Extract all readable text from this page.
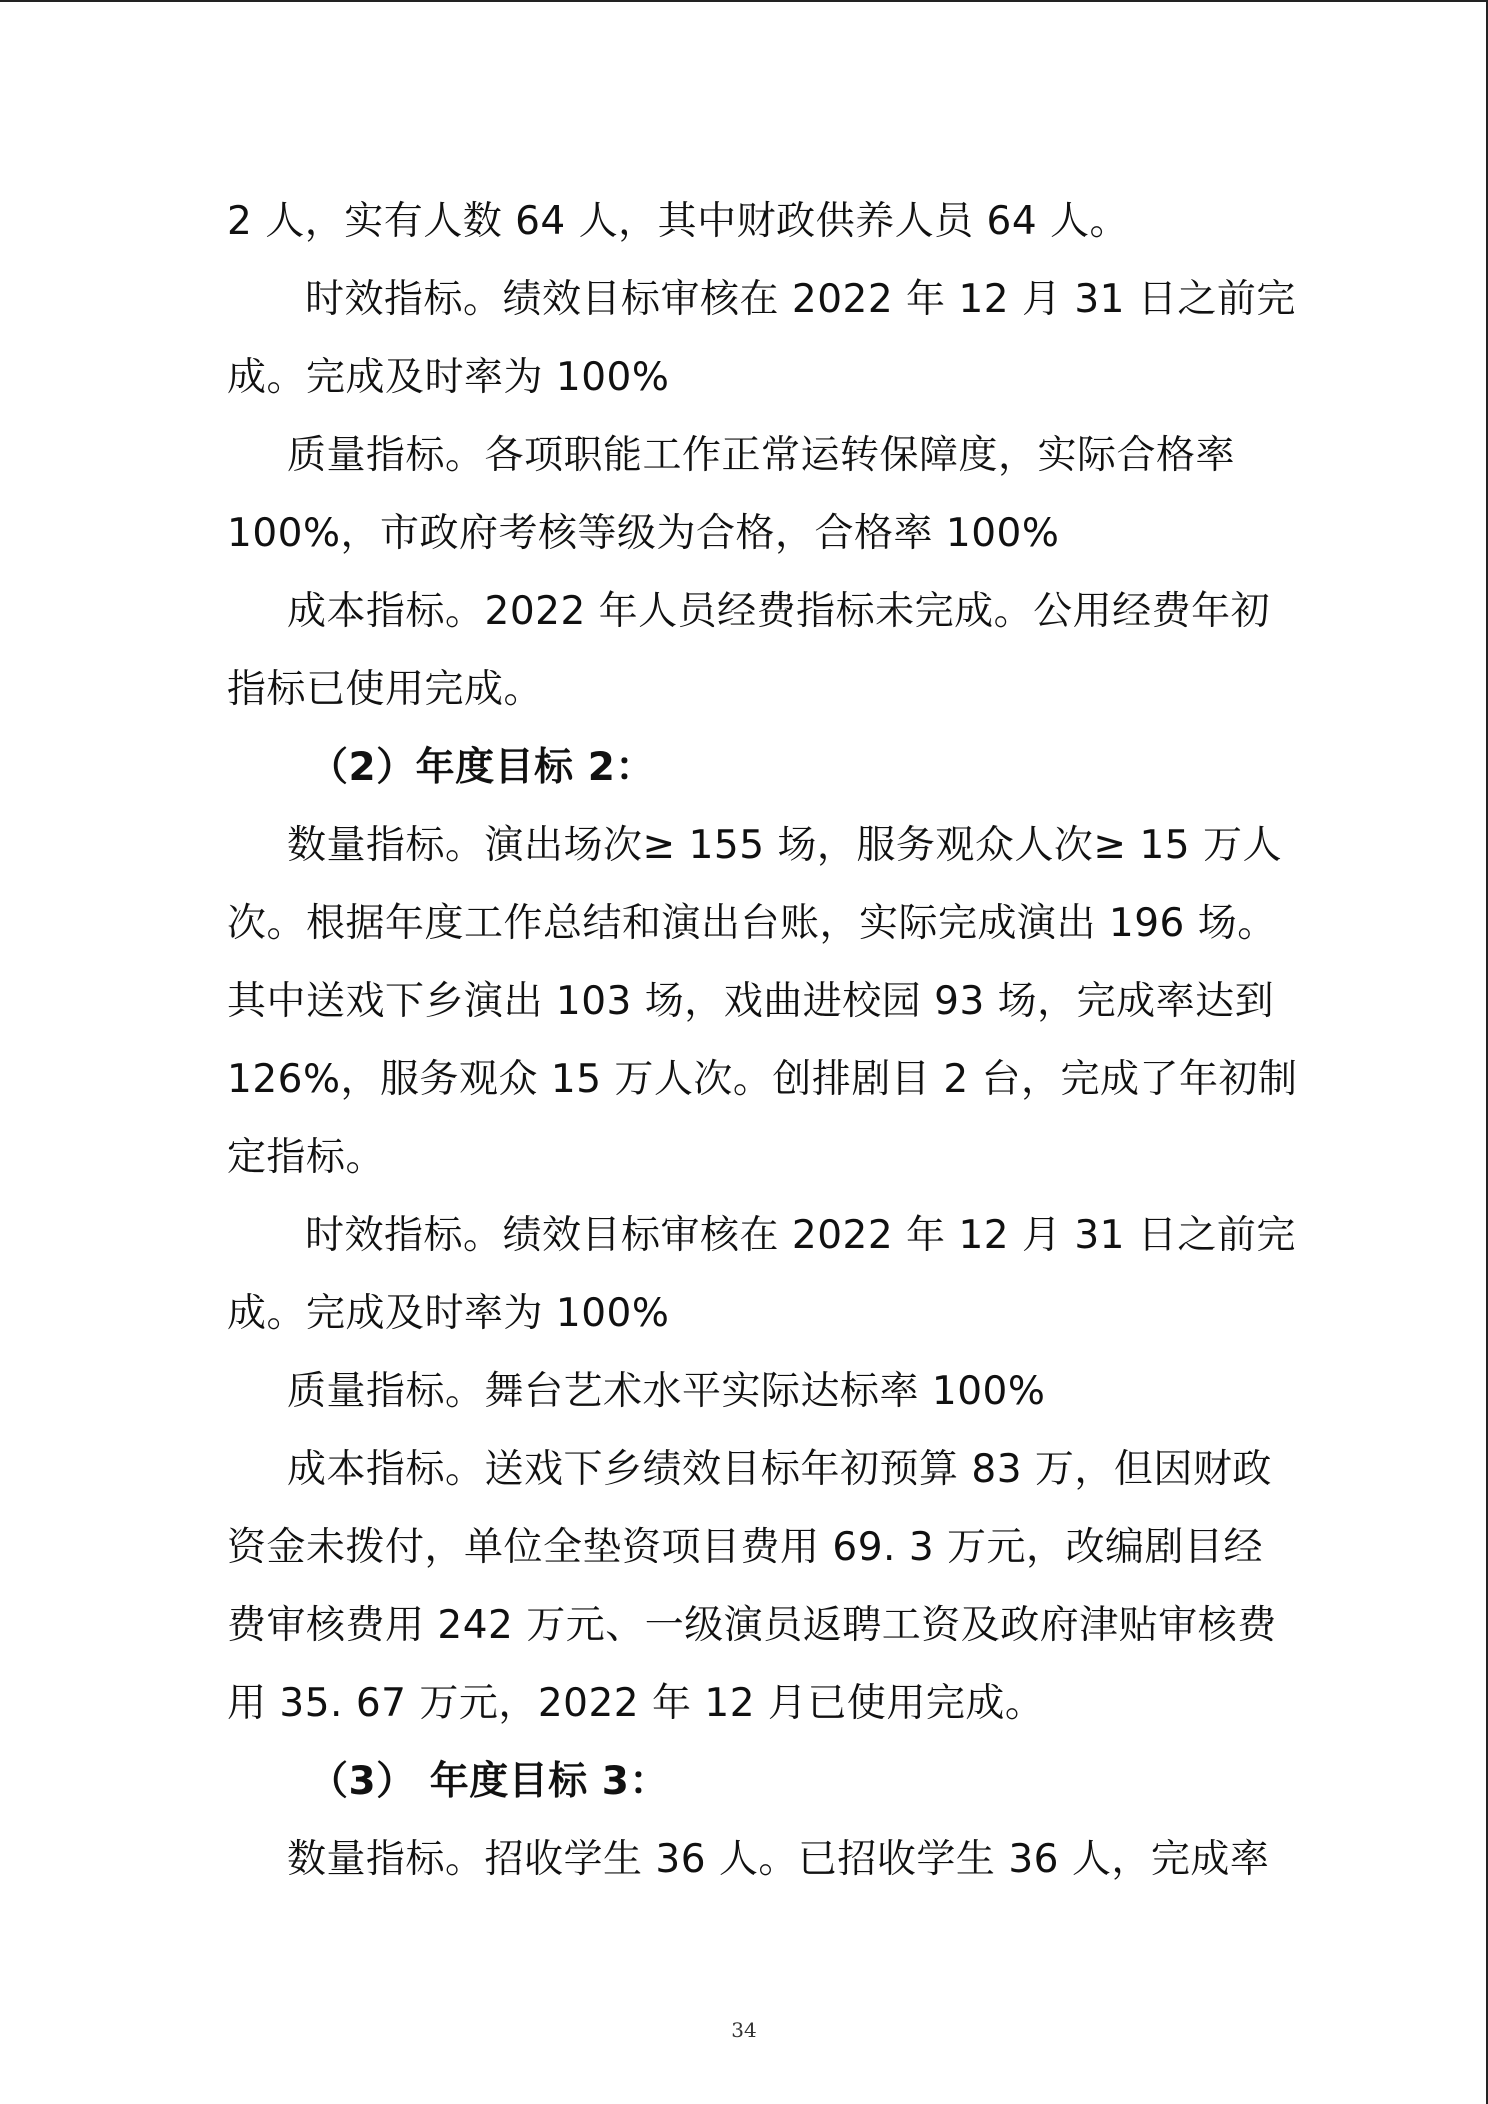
2 人，实有人数 64 人，其中财政供养人员 64 人。
时效指标。绩效目标审核在 2022 年 12 月 31 日之前完
成。完成及时率为 100%
质量指标。各项职能工作正常运转保障度，实际合格率
100%，市政府考核等级为合格，合格率 100%
成本指标。2022 年人员经费指标未完成。公用经费年初
指标已使用完成。
（2）年度目标 2：
数量指标。演出场次≥ 155 场，服务观众人次≥ 15 万人
次。根据年度工作总结和演出台账，实际完成演出 196 场。
其中送戏下乡演出 103 场，戏曲进校园 93 场，完成率达到
126%，服务观众 15 万人次。创排剧目 2 台，完成了年初制
定指标。
时效指标。绩效目标审核在 2022 年 12 月 31 日之前完
成。完成及时率为 100%
质量指标。舞台艺术水平实际达标率 100%
成本指标。送戏下乡绩效目标年初预算 83 万，但因财政
资金未拨付，单位全垫资项目费用 69. 3 万元，改编剧目经
费审核费用 242 万元、一级演员返聘工资及政府津贴审核费
用 35. 67 万元，2022 年 12 月已使用完成。
（3） 年度目标 3：
数量指标。招收学生 36 人。已招收学生 36 人，完成率
34
